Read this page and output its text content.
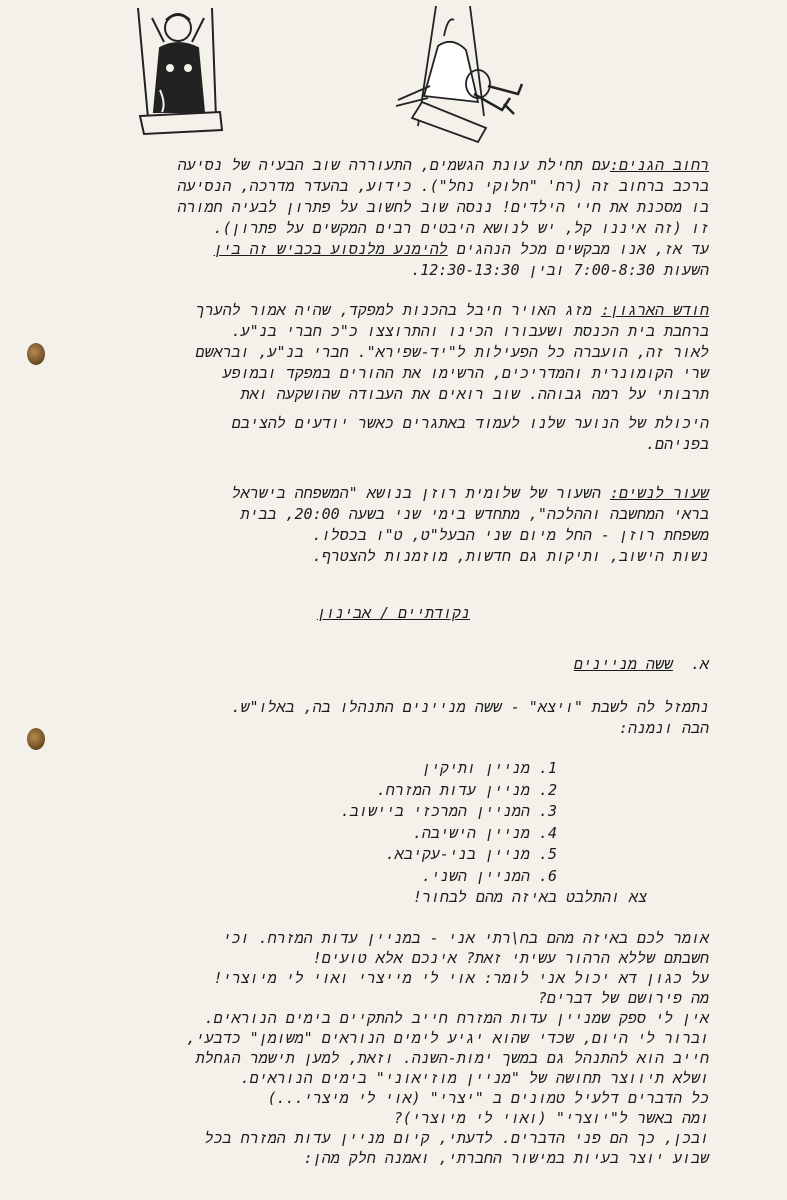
רחוב הגנים:עם תחילת עונת הגשמים, התעוררה שוב הבעיה של נסיעה

ברכב ברחוב זה (רח' "חלוקי נחל"). כידוע, בהעדר מדרכה, הנסיעה

בו מסכנת את חיי הילדים! ננסה שוב לחשוב על פתרון לבעיה חמורה

זו (זה איננו קל, יש לנושא היבטים רבים המקשים על פתרון).

עד אז, אנו מבקשים מכל הנהגים להימנע מלנסוע בכביש זה בין

השעות 7:00-8:30 ובין 12:30-13:30.

חודש הארגון: מזג האויר חיבל בהכנות למפקד, שהיה אמור להערך

ברחבת בית הכנסת ושעבורו הכינו והתרוצצו כ"כ חברי בנ"ע.

לאור זה, הועברה כל הפעילות ל"יד-שפירא". חברי בנ"ע, ובראשם

שרי הקומונרית והמדריכים, הרשימו את ההורים במפקד ובמופע

תרבותי על רמה גבוהה. שוב רואים את העבודה שהושקעה ואת

היכולת של הנוער שלנו לעמוד באתגרים כאשר יודעים להציבם

בפניהם.

שעור לנשים: השעור של שלומית רוזן בנושא "המשפחה בישראל

בראי המחשבה וההלכה", מתחדש בימי שני בשעה 20:00, בבית

משפחת רוזן - החל מיום שני הבעל"ט, ט"ו בכסלו.

נשות הישוב, ותיקות גם חדשות, מוזמנות להצטרף.

נקודתיים / אבינון

א.  ששה מניינים

נתמזל לה לשבת "ויצא" - ששה מניינים התנהלו בה, באלו"ש.

הבה ונמנה:

1. מניין ותיקין
2. מניין עדות המזרח.
3. המניין המרכזי ביישוב.
4. מניין הישיבה.
5. מניין בני-עקיבא.
6. המניין השני.

צא והתלבט באיזה מהם לבחור!

אומר לכם באיזה מהם בח\רתי אני - במניין עדות המזרח. וכי

חשבתם שללא הרהור עשיתי זאת? אינכם אלא טועים!

על כגון דא יכול אני לומר: אוי לי מייצרי ואוי לי מיוצרי!

מה פירושם של דברים?

אין לי ספק שמניין עדות המזרח חייב להתקיים בימים הנוראים.

וברור לי היום, שכדי שהוא יגיע לימים הנוראים "משומן" כדבעי,

חייב הוא להתנהל גם במשך ימות-השנה. וזאת, למען תישמר הגחלת

ושלא תיווצר תחושה של "מניין מוזיאוני" בימים הנוראים.

כל הדברים דלעיל טמונים ב "יצרי" (אוי לי מיצרי...)

ומה באשר ל"יוצרי" (ואוי לי מיוצרי)?

ובכן, כך הם פני הדברים. לדעתי, קיום מניין עדות המזרח בכל

שבוע יוצר בעיות במישור החברתי, ואמנה חלק מהן:
